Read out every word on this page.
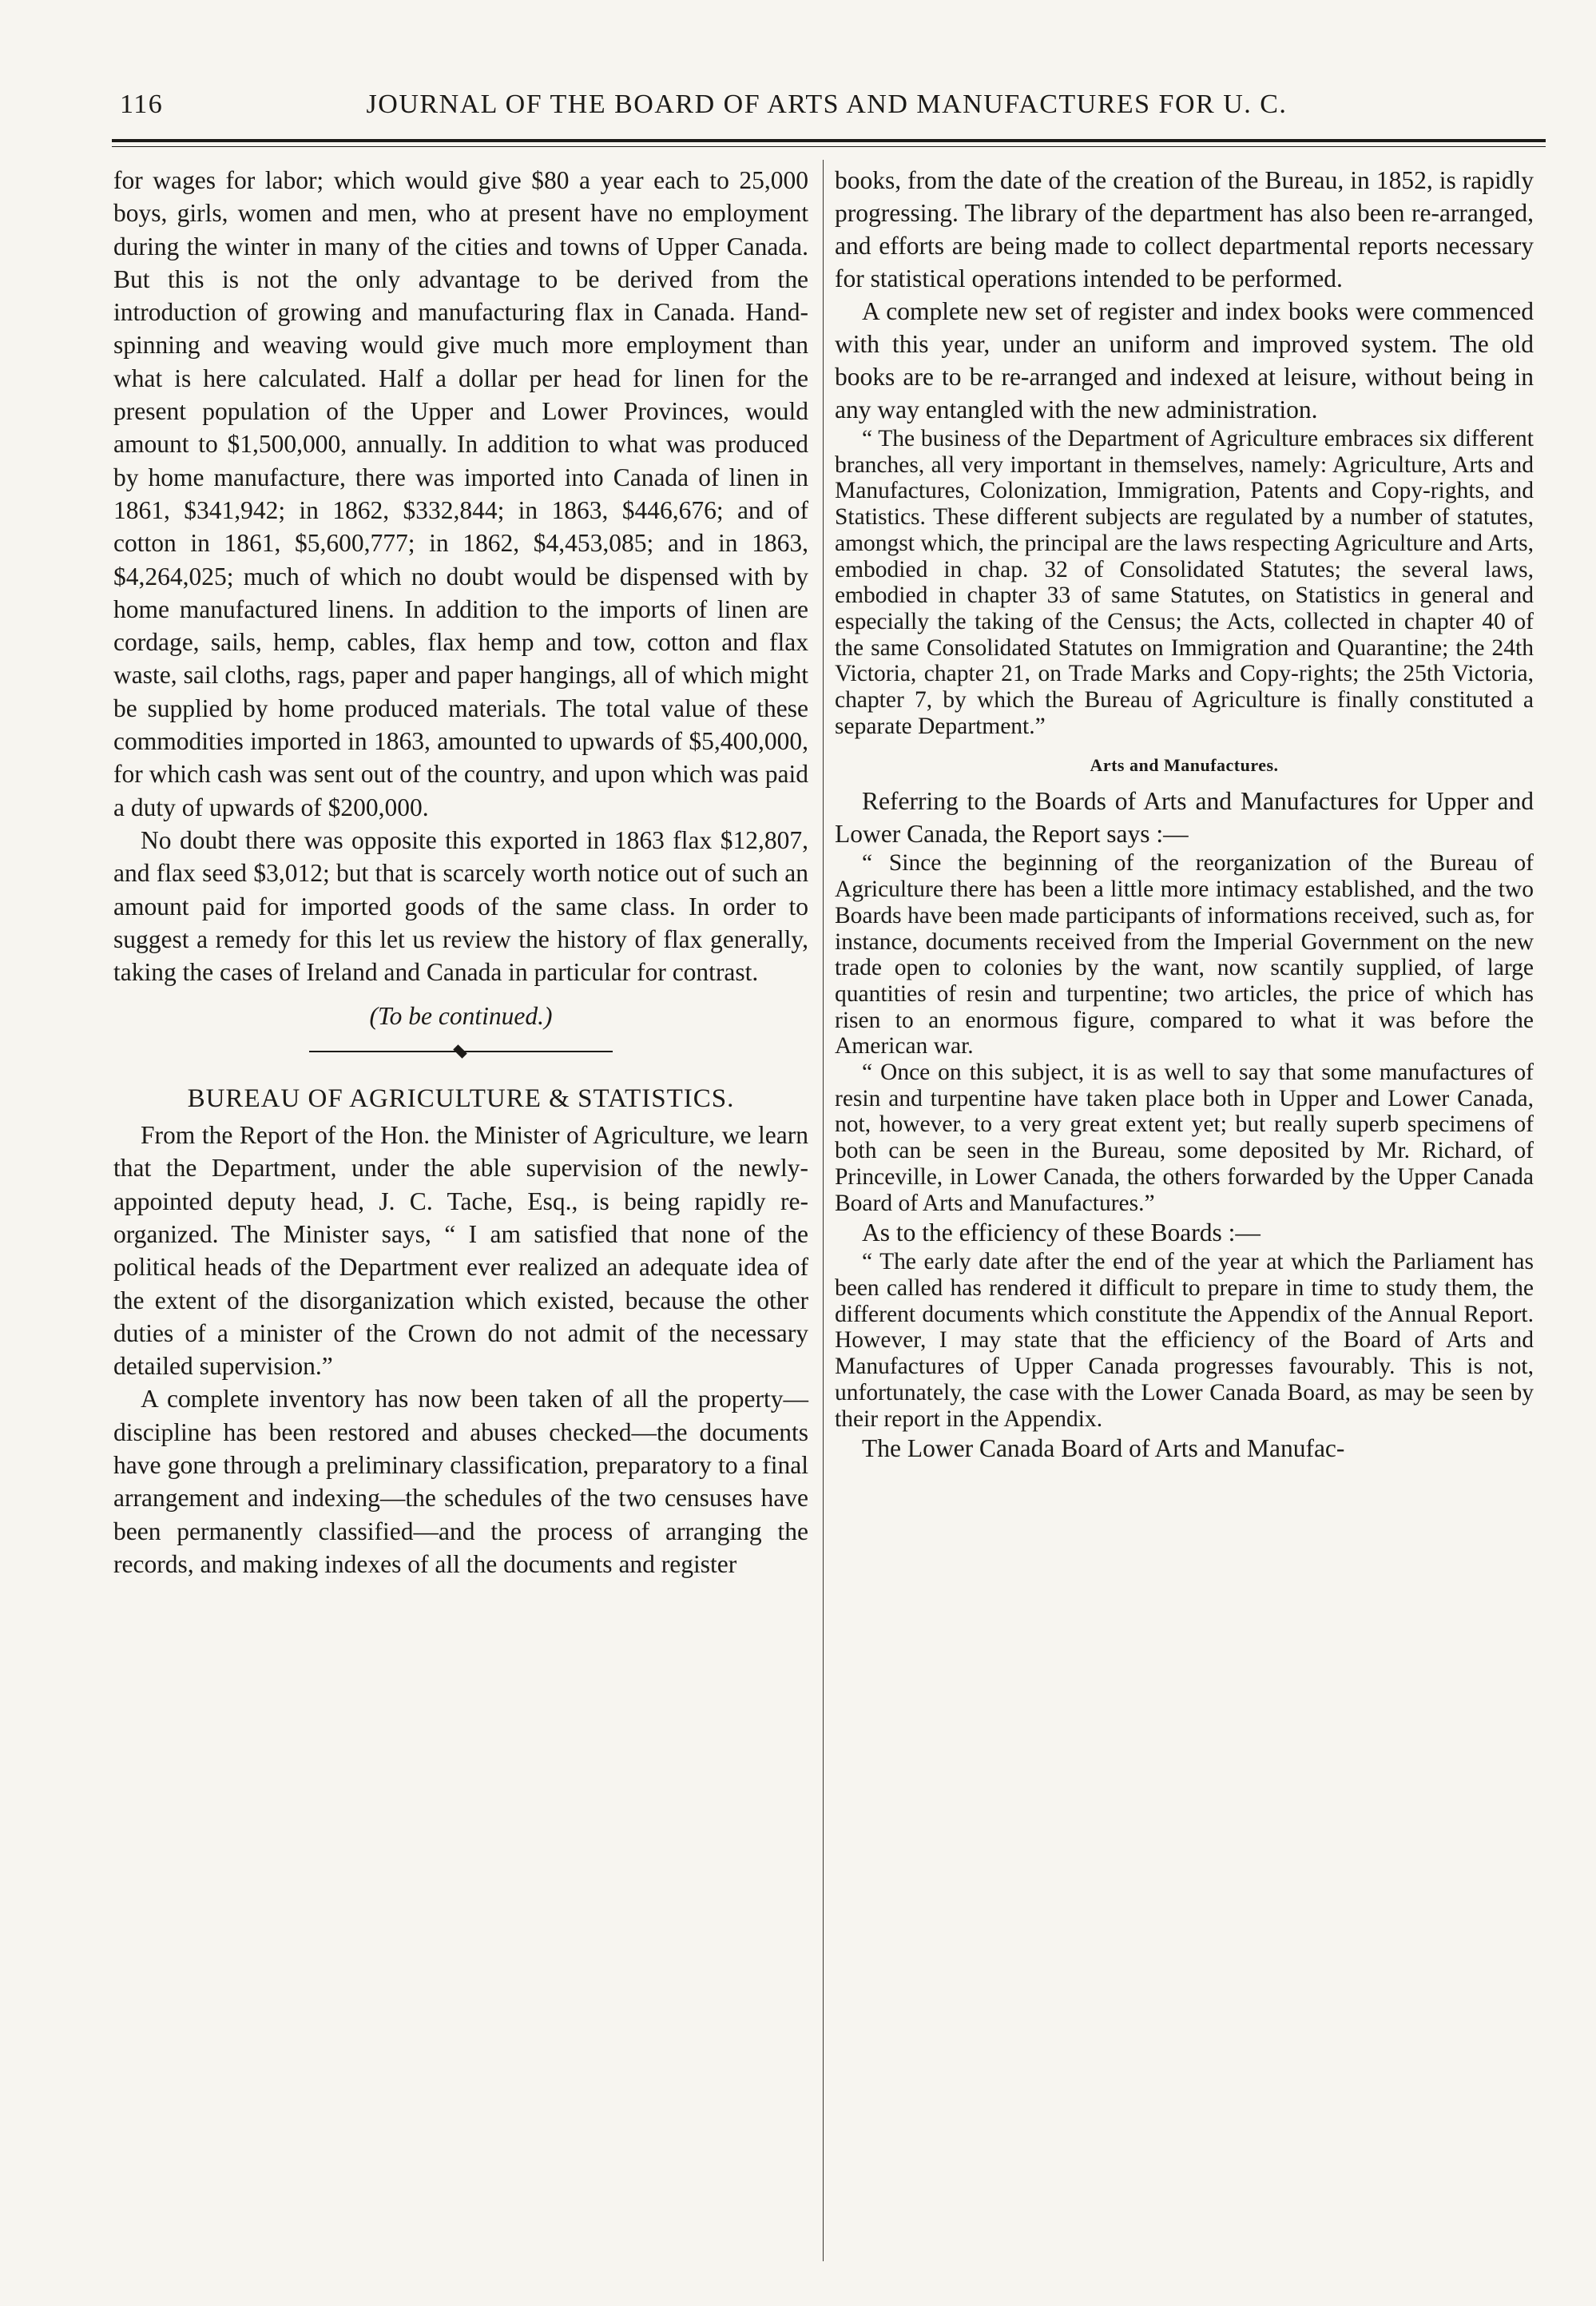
116	JOURNAL OF THE BOARD OF ARTS AND MANUFACTURES FOR U. C.

for wages for labor; which would give $80 a year each to 25,000 boys, girls, women and men, who at present have no employment during the winter in many of the cities and towns of Upper Canada. But this is not the only advantage to be derived from the introduction of growing and manufacturing flax in Canada. Hand-spinning and weaving would give much more employment than what is here calculated. Half a dollar per head for linen for the present population of the Upper and Lower Provinces, would amount to $1,500,000, annually. In addition to what was produced by home manufacture, there was imported into Canada of linen in 1861, $341,942; in 1862, $332,844; in 1863, $446,676; and of cotton in 1861, $5,600,777; in 1862, $4,453,085; and in 1863, $4,264,025; much of which no doubt would be dispensed with by home manufactured linens. In addition to the imports of linen are cordage, sails, hemp, cables, flax hemp and tow, cotton and flax waste, sail cloths, rags, paper and paper hangings, all of which might be supplied by home produced materials. The total value of these commodities imported in 1863, amounted to upwards of $5,400,000, for which cash was sent out of the country, and upon which was paid a duty of upwards of $200,000.

No doubt there was opposite this exported in 1863 flax $12,807, and flax seed $3,012; but that is scarcely worth notice out of such an amount paid for imported goods of the same class. In order to suggest a remedy for this let us review the history of flax generally, taking the cases of Ireland and Canada in particular for contrast.

(To be continued.)

BUREAU OF AGRICULTURE & STATISTICS.

From the Report of the Hon. the Minister of Agriculture, we learn that the Department, under the able supervision of the newly-appointed deputy head, J. C. Tache, Esq., is being rapidly re-organized. The Minister says, “ I am satisfied that none of the political heads of the Department ever realized an adequate idea of the extent of the disorganization which existed, because the other duties of a minister of the Crown do not admit of the necessary detailed supervision.”

A complete inventory has now been taken of all the property—discipline has been restored and abuses checked—the documents have gone through a preliminary classification, preparatory to a final arrangement and indexing—the schedules of the two censuses have been permanently classified—and the process of arranging the records, and making indexes of all the documents and register

books, from the date of the creation of the Bureau, in 1852, is rapidly progressing. The library of the department has also been re-arranged, and efforts are being made to collect departmental reports necessary for statistical operations intended to be performed.

A complete new set of register and index books were commenced with this year, under an uniform and improved system. The old books are to be re-arranged and indexed at leisure, without being in any way entangled with the new administration.

“ The business of the Department of Agriculture embraces six different branches, all very important in themselves, namely: Agriculture, Arts and Manufactures, Colonization, Immigration, Patents and Copy-rights, and Statistics. These different subjects are regulated by a number of statutes, amongst which, the principal are the laws respecting Agriculture and Arts, embodied in chap. 32 of Consolidated Statutes; the several laws, embodied in chapter 33 of same Statutes, on Statistics in general and especially the taking of the Census; the Acts, collected in chapter 40 of the same Consolidated Statutes on Immigration and Quarantine; the 24th Victoria, chapter 21, on Trade Marks and Copy-rights; the 25th Victoria, chapter 7, by which the Bureau of Agriculture is finally constituted a separate Department.”

Arts and Manufactures.

Referring to the Boards of Arts and Manufactures for Upper and Lower Canada, the Report says :—

“ Since the beginning of the reorganization of the Bureau of Agriculture there has been a little more intimacy established, and the two Boards have been made participants of informations received, such as, for instance, documents received from the Imperial Government on the new trade open to colonies by the want, now scantily supplied, of large quantities of resin and turpentine; two articles, the price of which has risen to an enormous figure, compared to what it was before the American war.

“ Once on this subject, it is as well to say that some manufactures of resin and turpentine have taken place both in Upper and Lower Canada, not, however, to a very great extent yet; but really superb specimens of both can be seen in the Bureau, some deposited by Mr. Richard, of Princeville, in Lower Canada, the others forwarded by the Upper Canada Board of Arts and Manufactures.”

As to the efficiency of these Boards :—

“ The early date after the end of the year at which the Parliament has been called has rendered it difficult to prepare in time to study them, the different documents which constitute the Appendix of the Annual Report. However, I may state that the efficiency of the Board of Arts and Manufactures of Upper Canada progresses favourably. This is not, unfortunately, the case with the Lower Canada Board, as may be seen by their report in the Appendix.

The Lower Canada Board of Arts and Manufac-
